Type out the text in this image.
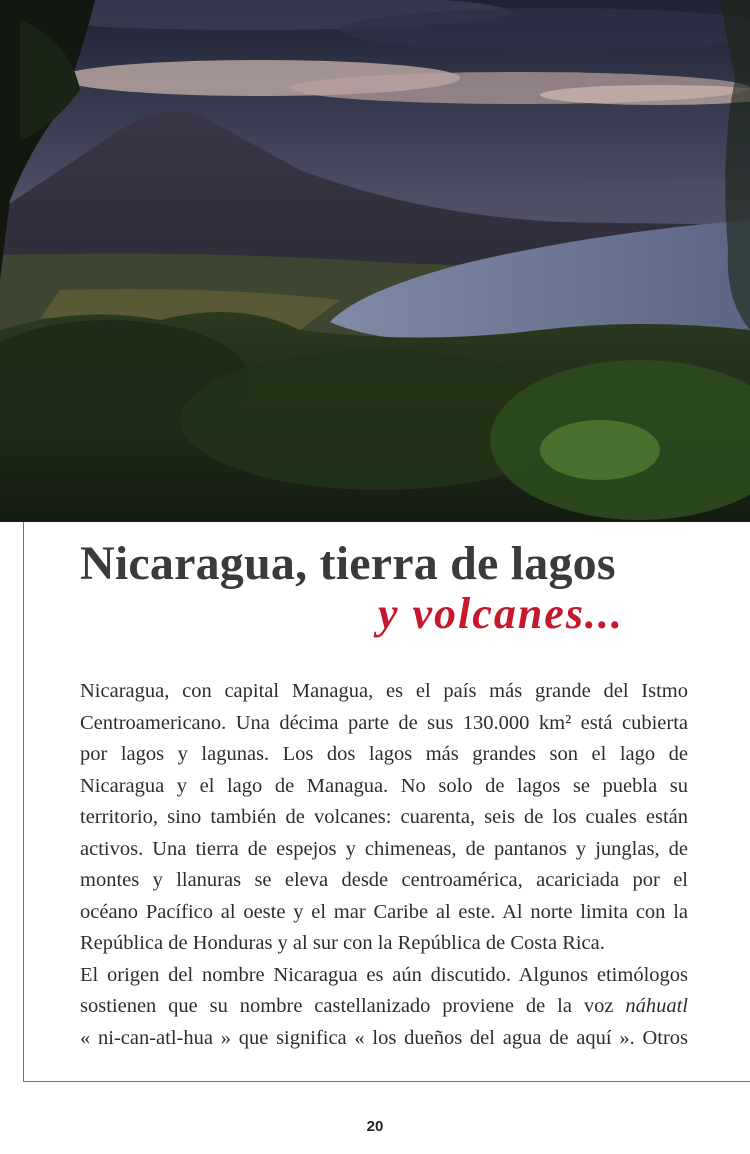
Nicaragua, tierra de lagos
y volcanes...
Nicaragua, con capital Managua, es el país más grande del Istmo
Centroamericano. Una décima parte de sus 130.000 km² está cubierta
por lagos y lagunas. Los dos lagos más grandes son el lago de
Nicaragua y el lago de Managua. No solo de lagos se puebla su
territorio, sino también de volcanes: cuarenta, seis de los cuales están
activos. Una tierra de espejos y chimeneas, de pantanos y junglas, de
montes y llanuras se eleva desde centroamérica, acariciada por el
océano Pacífico al oeste y el mar Caribe al este. Al norte limita con la
República de Honduras y al sur con la República de Costa Rica.
El origen del nombre Nicaragua es aún discutido. Algunos etimólogos
sostienen que su nombre castellanizado proviene de la voz náhuatl
« ni-can-atl-hua » que significa « los dueños del agua de aquí ». Otros
20
